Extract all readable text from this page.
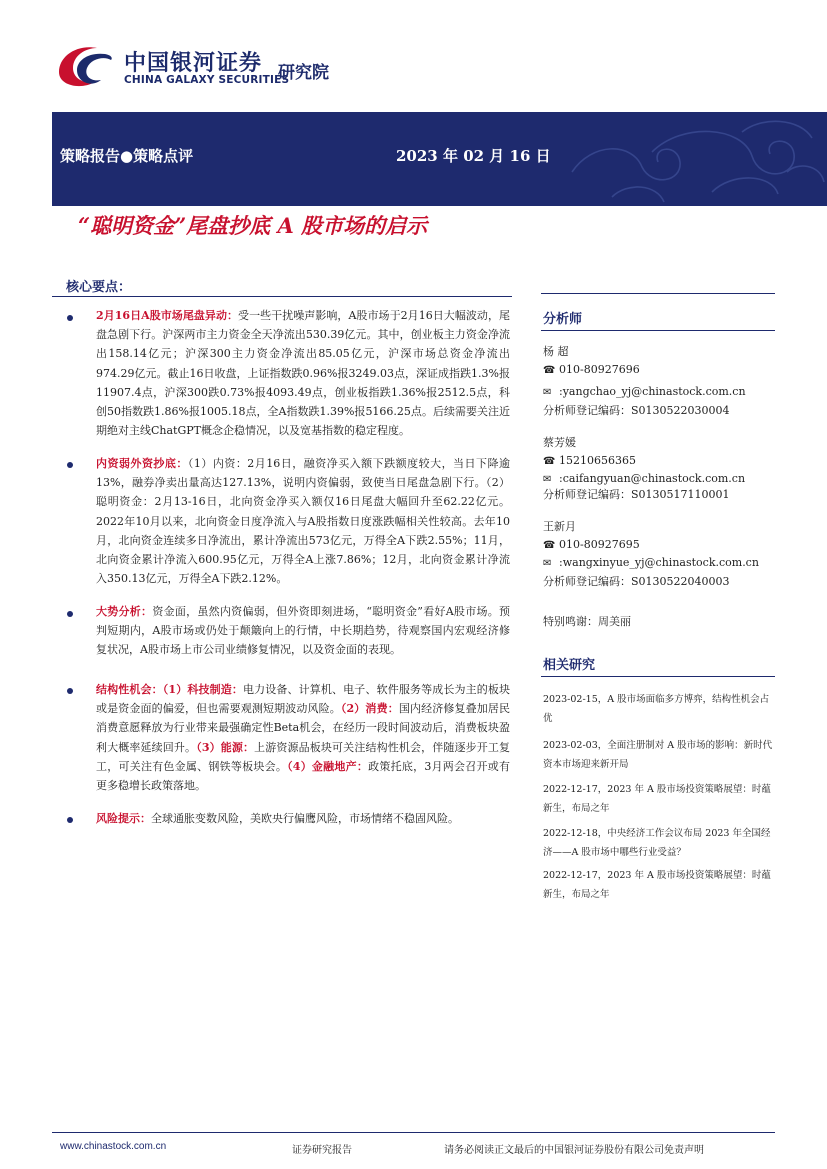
中国银河证券
CHINA GALAXY SECURITIES
研究院
策略报告●策略点评	2023 年 02 月 16 日
“聪明资金”尾盘抄底 A 股市场的启示
核心要点：
2月16日A股市场尾盘异动：受一些干扰噪声影响，A股市场于2月16日大幅波动，尾盘急剧下行。沪深两市主力资金全天净流出530.39亿元。其中，创业板主力资金净流出158.14亿元；沪深300主力资金净流出85.05亿元，沪深市场总资金净流出974.29亿元。截止16日收盘，上证指数跌0.96%报3249.03点，深证成指跌1.3%报11907.4点，沪深300跌0.73%报4093.49点，创业板指跌1.36%报2512.5点，科创50指数跌1.86%报1005.18点，全A指数跌1.39%报5166.25点。后续需要关注近期绝对主线ChatGPT概念企稳情况，以及宽基指数的稳定程度。
内资弱外资抄底：（1）内资：2月16日，融资净买入额下跌额度较大，当日下降逾13%，融券净卖出量高达127.13%，说明内资偏弱，致使当日尾盘急剧下行。（2）聪明资金：2月13-16日，北向资金净买入额仅16日尾盘大幅回升至62.22亿元。2022年10月以来，北向资金日度净流入与A股指数日度涨跌幅相关性较高。去年10月，北向资金连续多日净流出，累计净流出573亿元，万得全A下跌2.55%；11月，北向资金累计净流入600.95亿元，万得全A上涨7.86%；12月，北向资金累计净流入350.13亿元，万得全A下跌2.12%。
大势分析：资金面，虽然内资偏弱，但外资即刻进场，“聪明资金”看好A股市场。预判短期内，A股市场或仍处于颠簸向上的行情，中长期趋势，待观察国内宏观经济修复状况，A股市场上市公司业绩修复情况，以及资金面的表现。
结构性机会：（1）科技制造：电力设备、计算机、电子、软件服务等成长为主的板块或是资金面的偏爱，但也需要观测短期波动风险。（2）消费：国内经济修复叠加居民消费意愿释放为行业带来最强确定性Beta机会，在经历一段时间波动后，消费板块盈利大概率延续回升。（3）能源：上游资源品板块可关注结构性机会，伴随逐步开工复工，可关注有色金属、钢铁等板块会。（4）金融地产：政策托底，3月两会召开或有更多稳增长政策落地。
风险提示：全球通胀变数风险，美欧央行偏鹰风险，市场情绪不稳固风险。
分析师
杨 超
☎ 010-80927696
✉ :yangchao_yj@chinastock.com.cn
分析师登记编码：S0130522030004
蔡芳媛
☎ 15210656365
✉ :caifangyuan@chinastock.com.cn
分析师登记编码：S0130517110001
王新月
☎ 010-80927695
✉ :wangxinyue_yj@chinastock.com.cn
分析师登记编码：S0130522040003
特别鸣谢：周美丽
相关研究
2023-02-15，A 股市场面临多方博弈，结构性机会占优
2023-02-03，全面注册制对 A 股市场的影响：新时代资本市场迎来新开局
2022-12-17，2023 年 A 股市场投资策略展望：时蕴新生，布局之年
2022-12-18，中央经济工作会议布局 2023 年全国经济——A 股市场中哪些行业受益？
2022-12-17，2023 年 A 股市场投资策略展望：时蕴新生，布局之年
www.chinastock.com.cn	证券研究报告	请务必阅读正文最后的中国银河证券股份有限公司免责声明
